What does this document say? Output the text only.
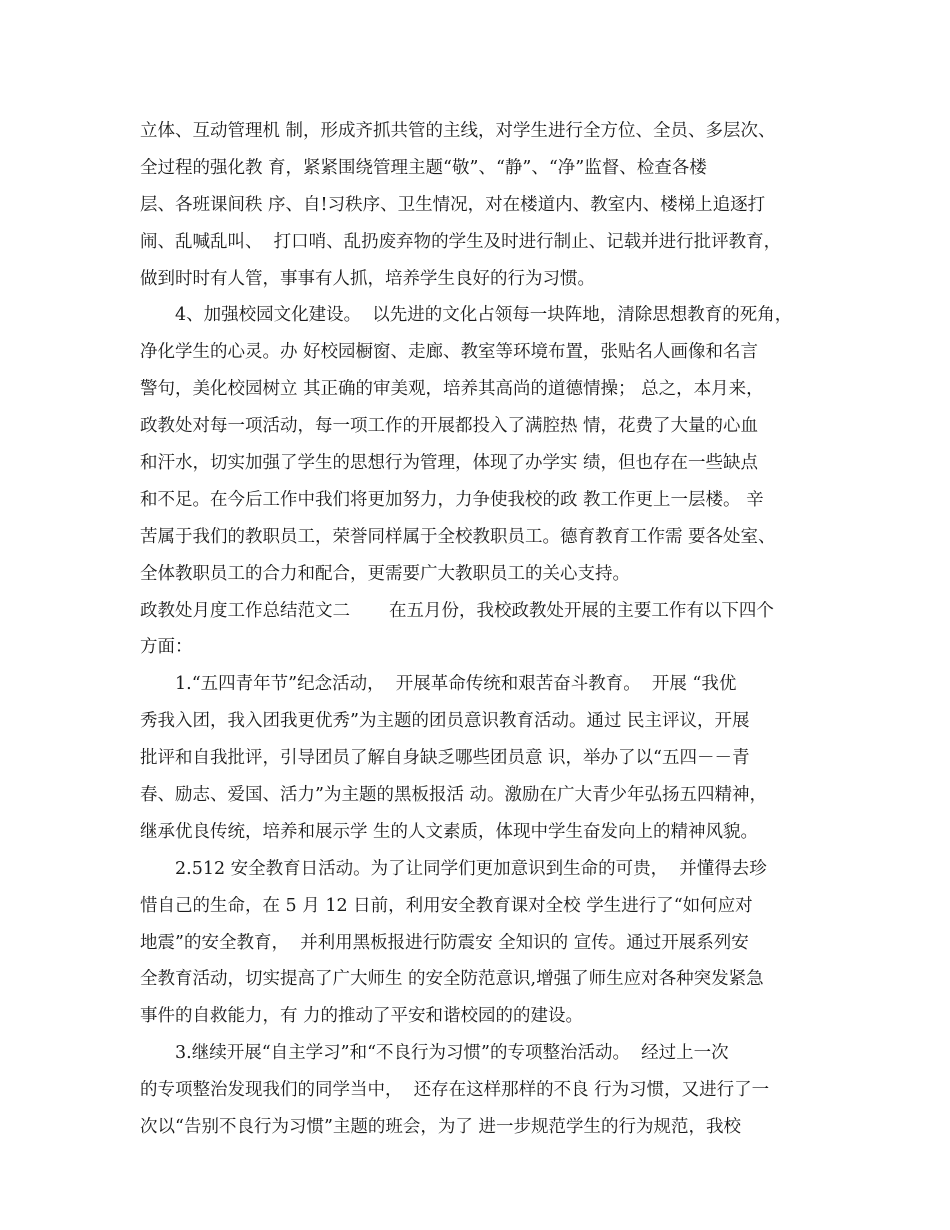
立体、互动管理机 制，形成齐抓共管的主线，对学生进行全方位、全员、多层次、
全过程的强化教 育，紧紧围绕管理主题“敬”、“静”、“净”监督、检查各楼
层、各班课间秩 序、自!习秩序、卫生情况，对在楼道内、教室内、楼梯上追逐打
闹、乱喊乱叫、  打口哨、乱扔废弃物的学生及时进行制止、记载并进行批评教育，
做到时时有人管，事事有人抓，培养学生良好的行为习惯。
4、加强校园文化建设。  以先进的文化占领每一块阵地，清除思想教育的死角，
净化学生的心灵。办 好校园橱窗、走廊、教室等环境布置，张贴名人画像和名言
警句，美化校园树立 其正确的审美观，培养其高尚的道德情操； 总之，本月来，
政教处对每一项活动，每一项工作的开展都投入了满腔热 情，花费了大量的心血
和汗水，切实加强了学生的思想行为管理，体现了办学实 绩，但也存在一些缺点
和不足。在今后工作中我们将更加努力，力争使我校的政 教工作更上一层楼。 辛
苦属于我们的教职员工，荣誉同样属于全校教职员工。德育教育工作需 要各处室、
全体教职员工的合力和配合，更需要广大教职员工的关心支持。
政教处月度工作总结范文二       在五月份，我校政教处开展的主要工作有以下四个
方面：
1.“五四青年节”纪念活动，  开展革命传统和艰苦奋斗教育。  开展 “我优
秀我入团，我入团我更优秀”为主题的团员意识教育活动。通过 民主评议，开展
批评和自我批评，引导团员了解自身缺乏哪些团员意 识，举办了以“五四－－青
春、励志、爱国、活力”为主题的黑板报活 动。激励在广大青少年弘扬五四精神，
继承优良传统，培养和展示学 生的人文素质，体现中学生奋发向上的精神风貌。
2.512 安全教育日活动。为了让同学们更加意识到生命的可贵，  并懂得去珍
惜自己的生命，在 5 月 12 日前，利用安全教育课对全校 学生进行了“如何应对
地震”的安全教育，  并利用黑板报进行防震安 全知识的 宣传。通过开展系列安
全教育活动，切实提高了广大师生 的安全防范意识,增强了师生应对各种突发紧急
事件的自救能力，有 力的推动了平安和谐校园的的建设。
3.继续开展“自主学习”和“不良行为习惯”的专项整治活动。  经过上一次
的专项整治发现我们的同学当中，  还存在这样那样的不良 行为习惯，又进行了一
次以“告别不良行为习惯”主题的班会，为了 进一步规范学生的行为规范，我校
